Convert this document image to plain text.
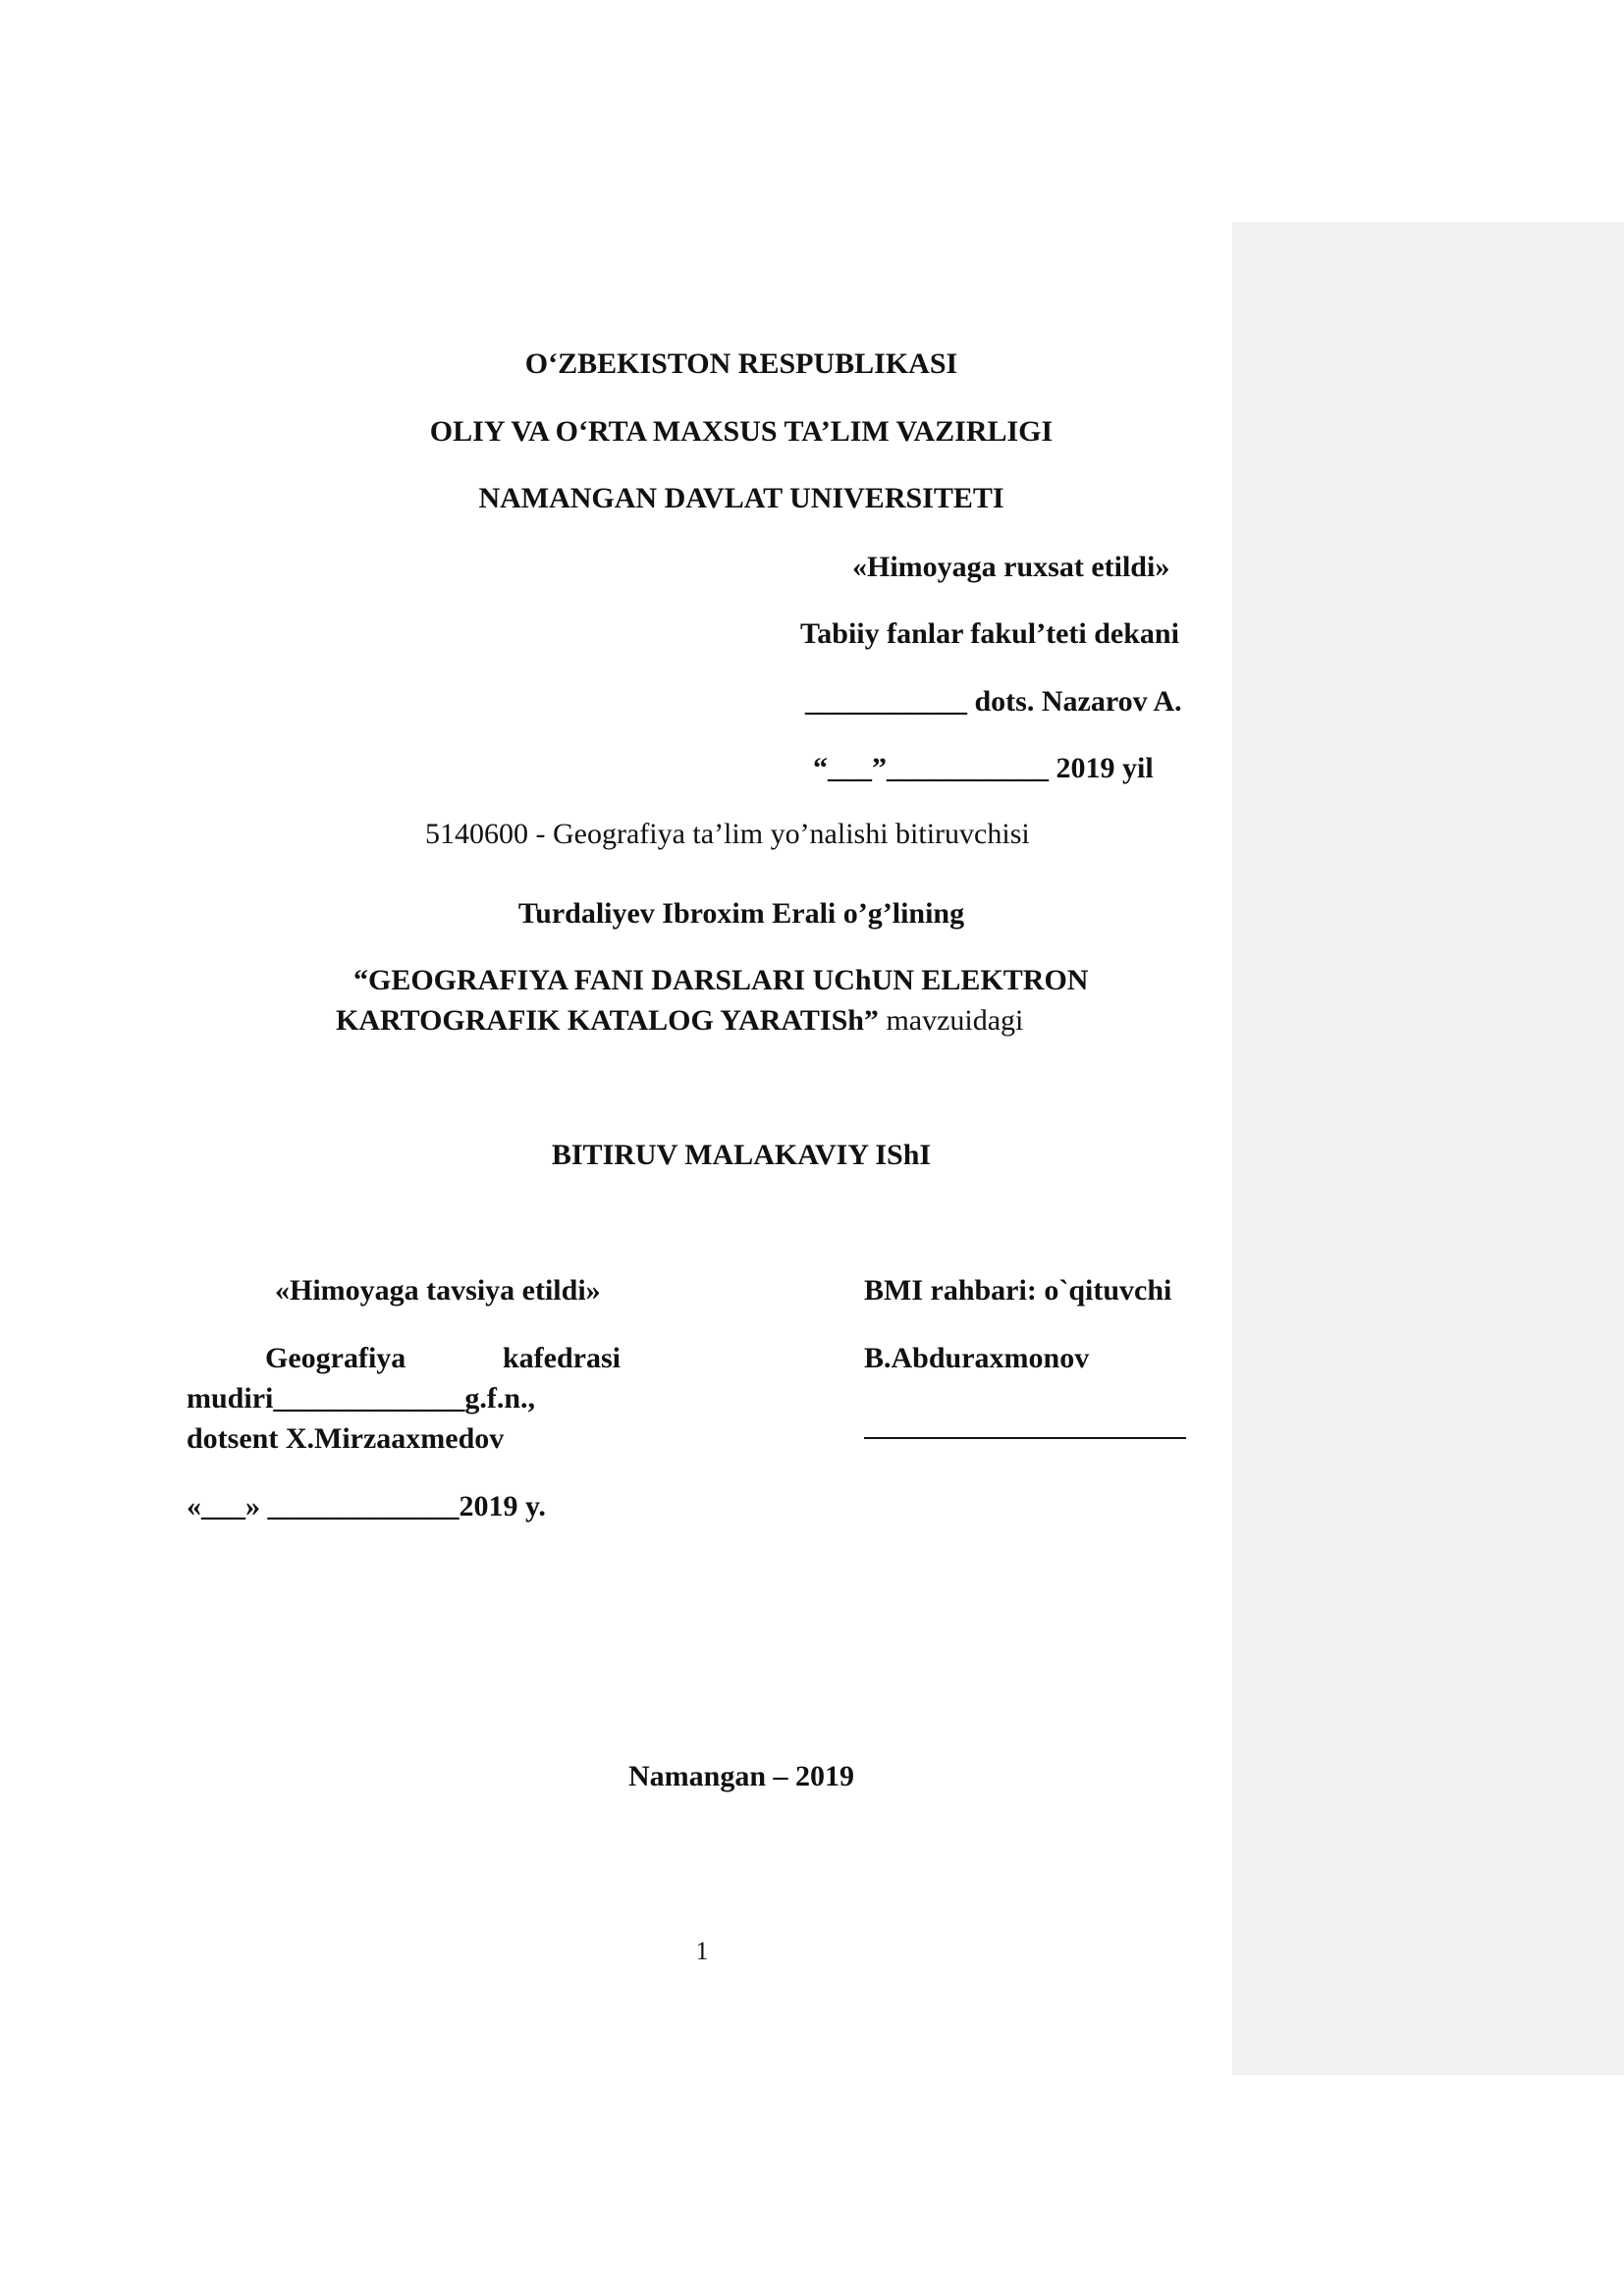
O‘ZBEKISTON RESPUBLIKASI
OLIY VA O‘RTA MAXSUS TA’LIM VAZIRLIGI
NAMANGAN DAVLAT UNIVERSITETI
«Himoyaga ruxsat etildi»
Tabiiy fanlar fakul’teti dekani
___________ dots. Nazarov A.
“___”___________ 2019 yil
5140600 - Geografiya ta’lim yo’nalishi bitiruvchisi
Turdaliyev Ibroxim Erali o’g’lining
“GEOGRAFIYA FANI DARSLARI UChUN ELEKTRON
KARTOGRAFIK KATALOG YARATISh” mavzuidagi
BITIRUV MALAKAVIY IShI
«Himoyaga tavsiya etildi»
Geografiya	kafedrasi
mudiri_____________g.f.n.,
dotsent X.Mirzaaxmedov
«___» _____________2019 y.
BMI rahbari: o`qituvchi
B.Abduraxmonov
Namangan – 2019
1
